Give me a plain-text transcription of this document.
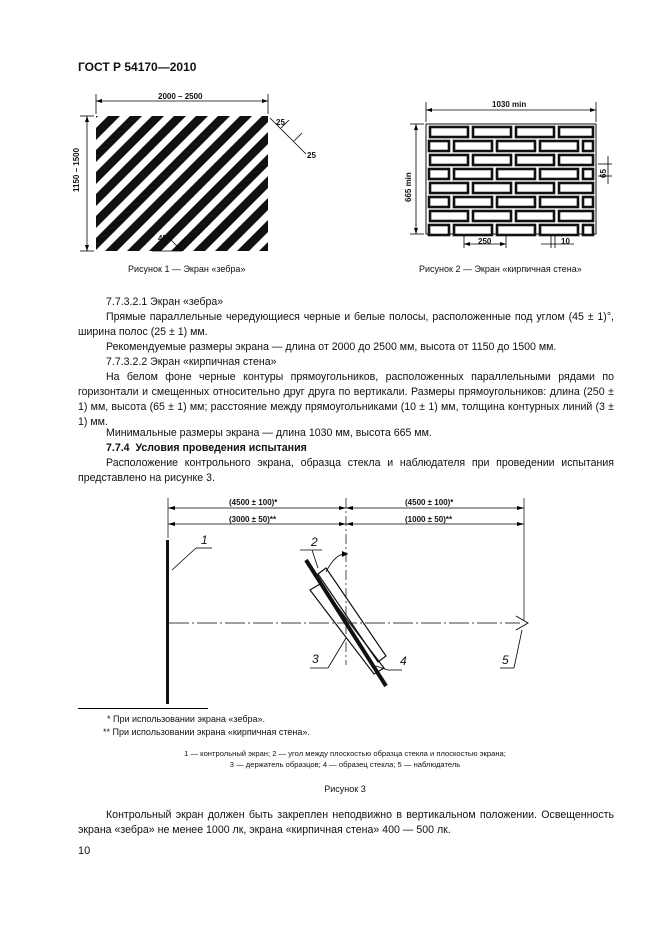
ГОСТ Р 54170—2010
2000 – 2500
1150 – 1500
25
25
45°
Рисунок 1 — Экран «зебра»
1030 min
665 min	65
250	10
Рисунок 2 — Экран «кирпичная стена»
7.7.3.2.1 Экран «зебра»
Прямые параллельные чередующиеся черные и белые полосы, расположенные под углом (45 ± 1)°, ширина полос (25 ± 1) мм.
Рекомендуемые размеры экрана — длина от 2000 до 2500 мм, высота от 1150 до 1500 мм.
7.7.3.2.2 Экран «кирпичная стена»
На белом фоне черные контуры прямоугольников, расположенных параллельными рядами по горизонтали и смещенных относительно друг друга по вертикали. Размеры прямоугольников: длина (250 ± 1) мм, высота (65 ± 1) мм; расстояние между прямоугольниками (10 ± 1) мм, толщина контурных линий (3 ± 1) мм.
Минимальные размеры экрана — длина 1030 мм, высота 665 мм.
7.7.4 Условия проведения испытания
Расположение контрольного экрана, образца стекла и наблюдателя при проведении испытания представлено на рисунке 3.
(4500 ± 100)*	(4500 ± 100)*
(3000 ± 50)**	(1000 ± 50)**
1	2
3	4	5
* При использовании экрана «зебра».
** При использовании экрана «кирпичная стена».
1 — контрольный экран; 2 — угол между плоскостью образца стекла и плоскостью экрана;
3 — держатель образцов; 4 — образец стекла; 5 — наблюдатель
Рисунок 3
Контрольный экран должен быть закреплен неподвижно в вертикальном положении. Освещенность экрана «зебра» не менее 1000 лк, экрана «кирпичная стена» 400 — 500 лк.
10
